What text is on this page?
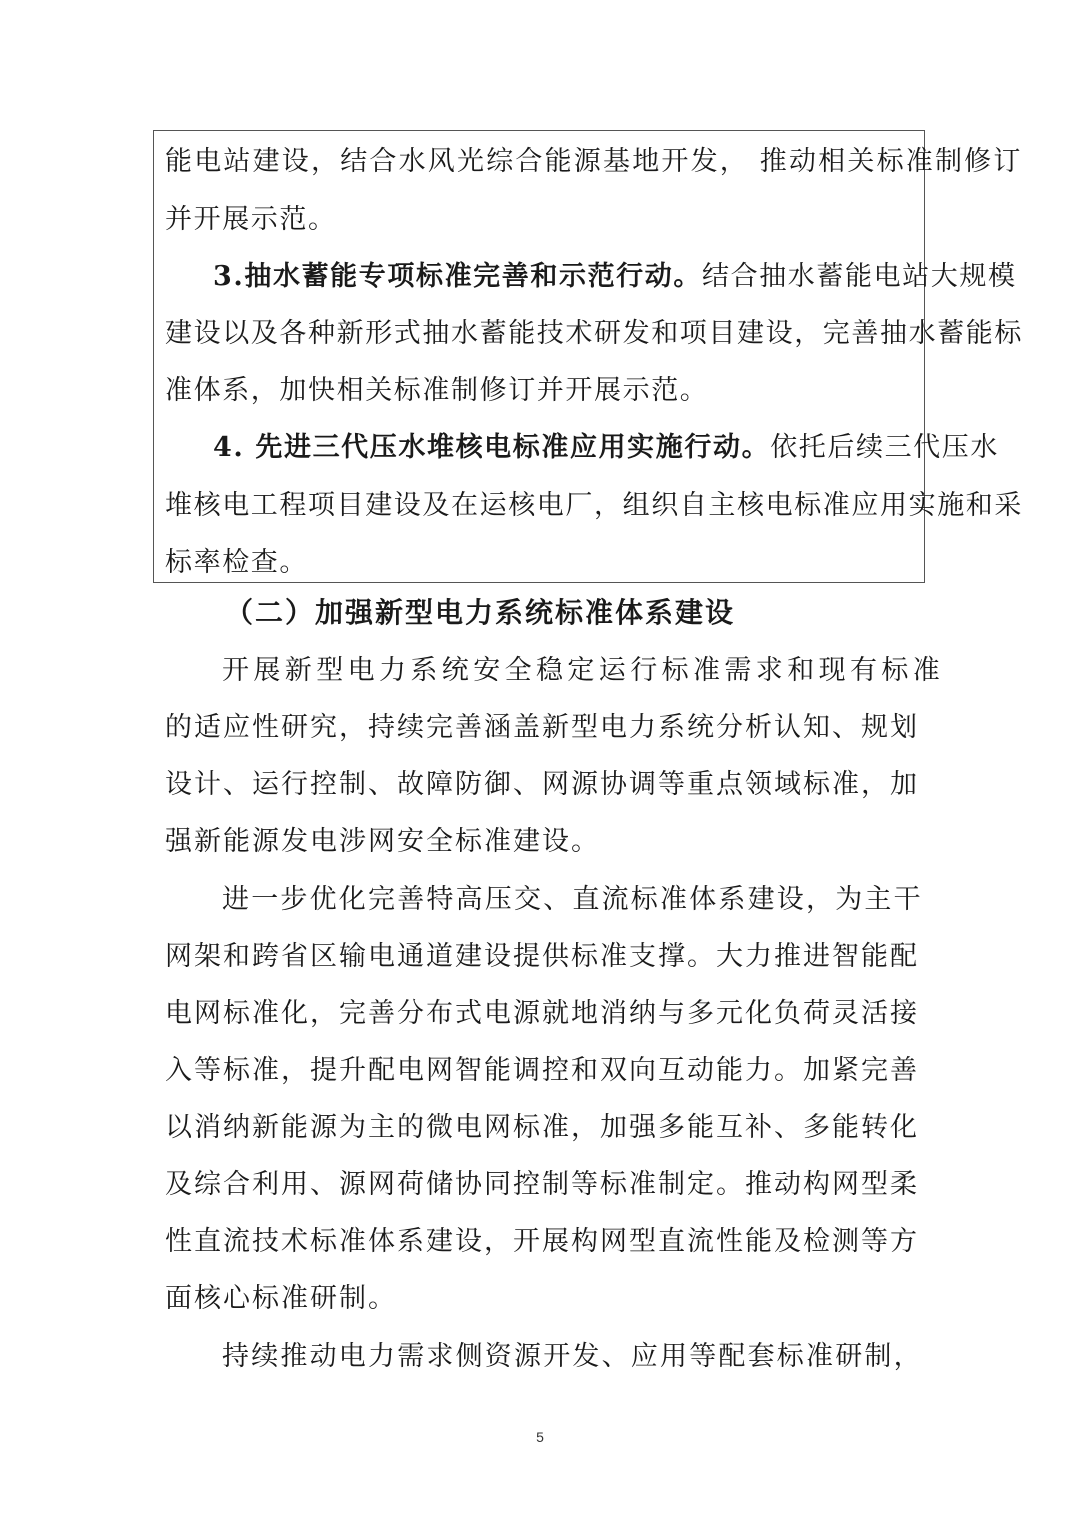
能电站建设，结合水风光综合能源基地开发， 推动相关标准制修订
并开展示范。
3.抽水蓄能专项标准完善和示范行动。结合抽水蓄能电站大规模
建设以及各种新形式抽水蓄能技术研发和项目建设，完善抽水蓄能标
准体系，加快相关标准制修订并开展示范。
4. 先进三代压水堆核电标准应用实施行动。依托后续三代压水
堆核电工程项目建设及在运核电厂，组织自主核电标准应用实施和采
标率检查。
（二）加强新型电力系统标准体系建设
开展新型电力系统安全稳定运行标准需求和现有标准
的适应性研究，持续完善涵盖新型电力系统分析认知、规划
设计、运行控制、故障防御、网源协调等重点领域标准，加
强新能源发电涉网安全标准建设。
进一步优化完善特高压交、直流标准体系建设，为主干
网架和跨省区输电通道建设提供标准支撑。大力推进智能配
电网标准化，完善分布式电源就地消纳与多元化负荷灵活接
入等标准，提升配电网智能调控和双向互动能力。加紧完善
以消纳新能源为主的微电网标准，加强多能互补、多能转化
及综合利用、源网荷储协同控制等标准制定。推动构网型柔
性直流技术标准体系建设，开展构网型直流性能及检测等方
面核心标准研制。
持续推动电力需求侧资源开发、应用等配套标准研制，
5
